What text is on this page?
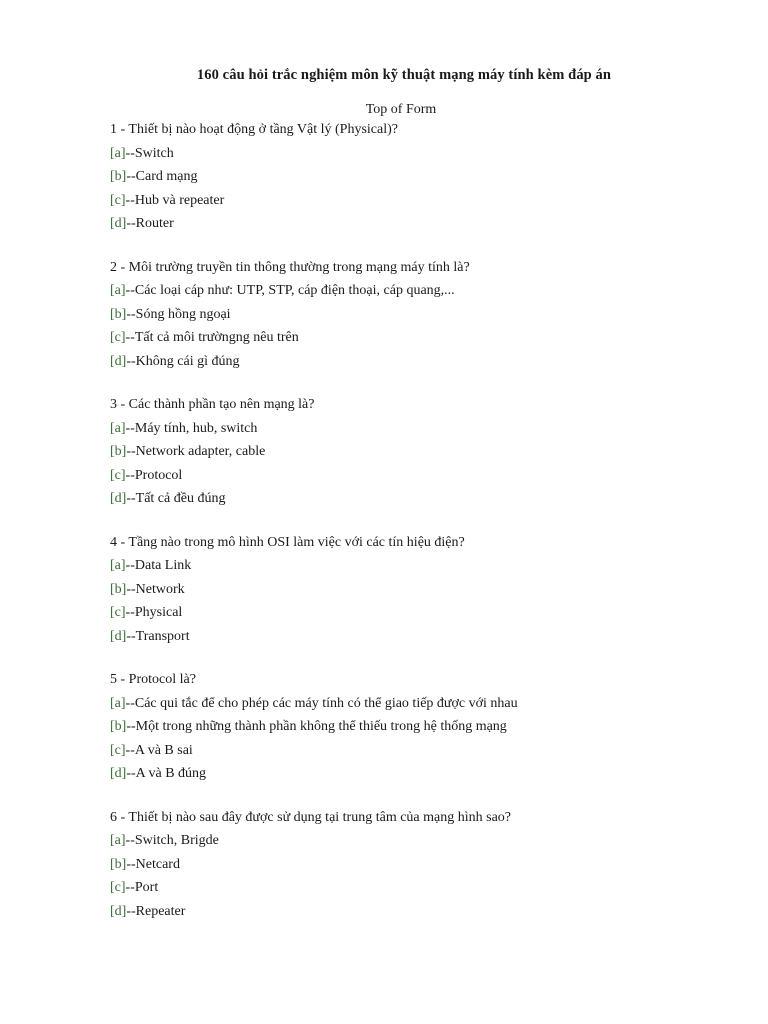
160 câu hỏi trắc nghiệm môn kỹ thuật mạng máy tính kèm đáp án
Top of Form
1 - Thiết bị nào hoạt động ở tầng Vật lý (Physical)?
[a]--Switch
[b]--Card mạng
[c]--Hub và repeater
[d]--Router
2 - Môi trường truyền tin thông thường trong mạng máy tính là?
[a]--Các loại cáp như: UTP, STP, cáp điện thoại, cáp quang,...
[b]--Sóng hồng ngoại
[c]--Tất cả môi trườngng nêu trên
[d]--Không cái gì đúng
3 - Các thành phần tạo nên mạng là?
[a]--Máy tính, hub, switch
[b]--Network adapter, cable
[c]--Protocol
[d]--Tất cả đều đúng
4 - Tầng nào trong mô hình OSI làm việc với các tín hiệu điện?
[a]--Data Link
[b]--Network
[c]--Physical
[d]--Transport
5 - Protocol là?
[a]--Các qui tắc để cho phép các máy tính có thể giao tiếp được với nhau
[b]--Một trong những thành phần không thể thiếu trong hệ thống mạng
[c]--A và B sai
[d]--A và B đúng
6 - Thiết bị nào sau đây được sử dụng tại trung tâm của mạng hình sao?
[a]--Switch, Brigde
[b]--Netcard
[c]--Port
[d]--Repeater
